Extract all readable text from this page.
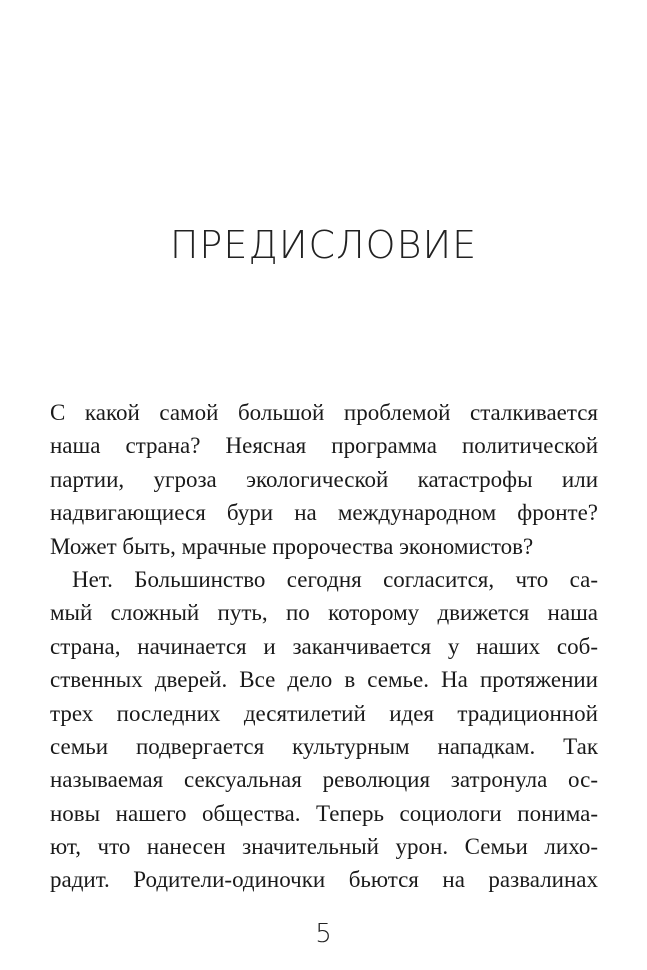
ПРЕДИСЛОВИЕ
С какой самой большой проблемой сталкивается
наша страна? Неясная программа политической
партии, угроза экологической катастрофы или
надвигающиеся бури на международном фронте?
Может быть, мрачные пророчества экономистов?
Нет. Большинство сегодня согласится, что са-
мый сложный путь, по которому движется наша
страна, начинается и заканчивается у наших соб-
ственных дверей. Все дело в семье. На протяжении
трех последних десятилетий идея традиционной
семьи подвергается культурным нападкам. Так
называемая сексуальная революция затронула ос-
новы нашего общества. Теперь социологи понима-
ют, что нанесен значительный урон. Семьи лихо-
радит. Родители-одиночки бьются на развалинах
5
